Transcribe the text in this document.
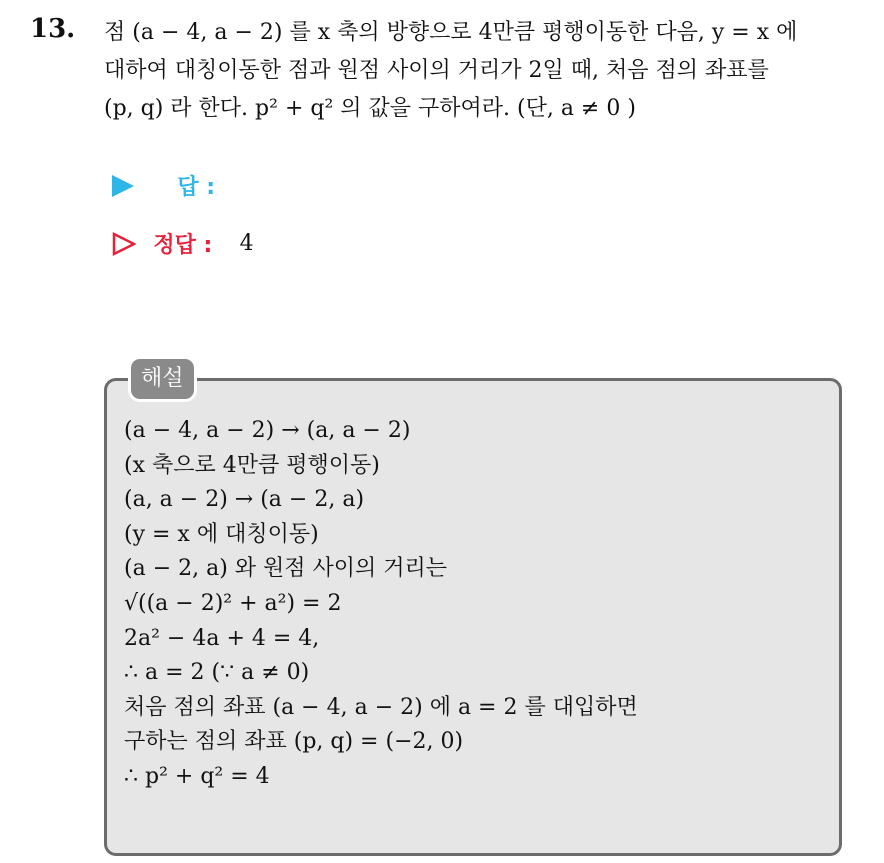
13. 점 (a − 4, a − 2) 를 x 축의 방향으로 4만큼 평행이동한 다음, y = x 에
대하여 대칭이동한 점과 원점 사이의 거리가 2일 때, 처음 점의 좌표를
(p, q) 라 한다. p² + q² 의 값을 구하여라. (단, a ≠ 0 )
답 :
정답 : 4
해설
(a − 4, a − 2) → (a, a − 2)
(x 축으로 4만큼 평행이동)
(a, a − 2) → (a − 2, a)
(y = x 에 대칭이동)
(a − 2, a) 와 원점 사이의 거리는
√((a − 2)² + a²) = 2
2a² − 4a + 4 = 4,
∴ a = 2 (∵ a ≠ 0)
처음 점의 좌표 (a − 4, a − 2) 에 a = 2 를 대입하면
구하는 점의 좌표 (p, q) = (−2, 0)
∴ p² + q² = 4
